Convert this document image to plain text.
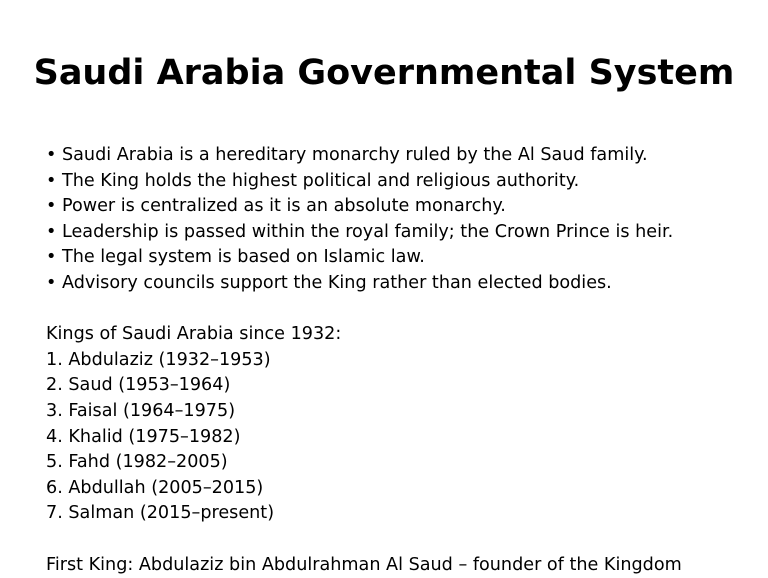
Saudi Arabia Governmental System
• Saudi Arabia is a hereditary monarchy ruled by the Al Saud family.
• The King holds the highest political and religious authority.
• Power is centralized as it is an absolute monarchy.
• Leadership is passed within the royal family; the Crown Prince is heir.
• The legal system is based on Islamic law.
• Advisory councils support the King rather than elected bodies.
Kings of Saudi Arabia since 1932:
1. Abdulaziz (1932–1953)
2. Saud (1953–1964)
3. Faisal (1964–1975)
4. Khalid (1975–1982)
5. Fahd (1982–2005)
6. Abdullah (2005–2015)
7. Salman (2015–present)
First King: Abdulaziz bin Abdulrahman Al Saud – founder of the Kingdom
